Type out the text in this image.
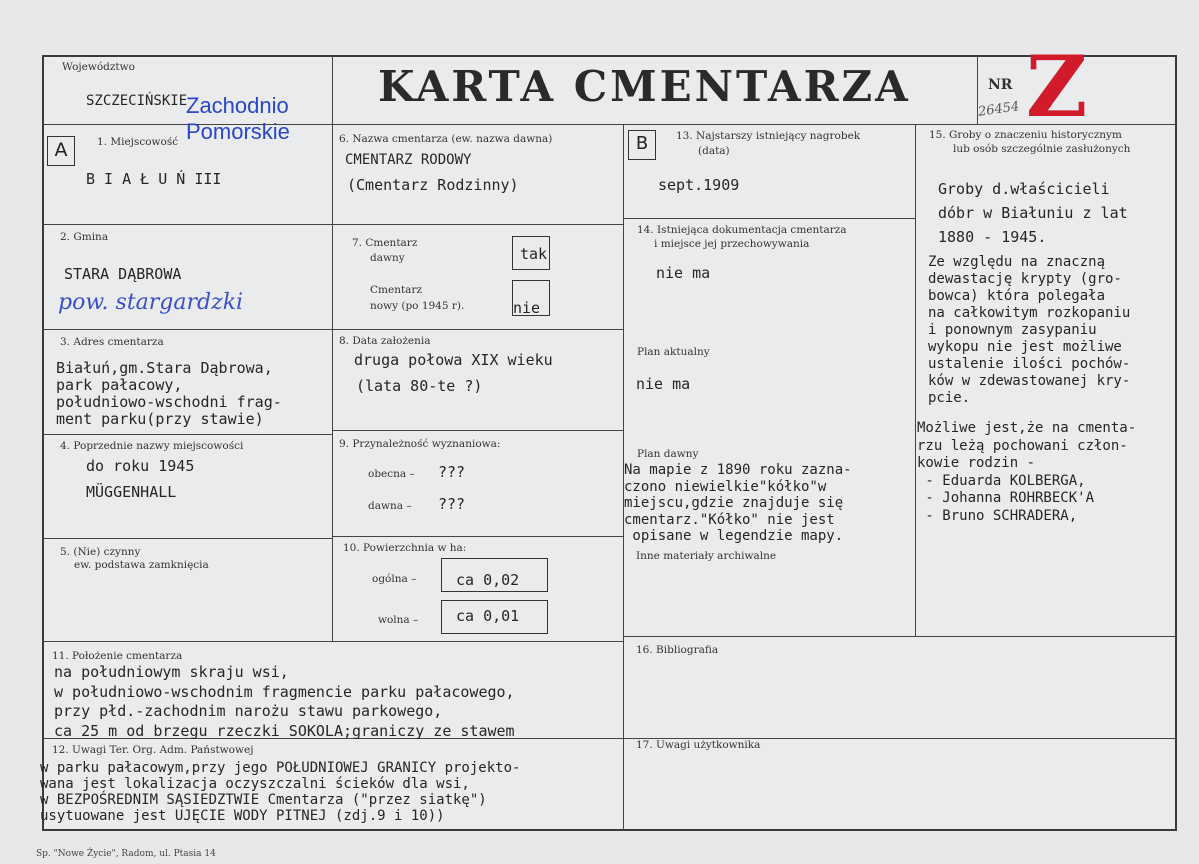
Województwo
SZCZECIŃSKIE
Zachodnio
Pomorskie
KARTA CMENTARZA	NR Z
26454
A	1. Miejscowość
B I A Ł U Ń III
2. Gmina
STARA DĄBROWA
pow. stargardzki
3. Adres cmentarza
Białuń,gm.Stara Dąbrowa,
park pałacowy,
południowo-wschodni frag-
ment parku(przy stawie)
4. Poprzednie nazwy miejscowości
do roku 1945
MÜGGENHALL
5. (Nie) czynny
ew. podstawa zamknięcia
6. Nazwa cmentarza (ew. nazwa dawna)
CMENTARZ RODOWY
(Cmentarz Rodzinny)
7. Cmentarz
dawny	tak
Cmentarz
nowy (po 1945 r).	nie
8. Data założenia
druga połowa XIX wieku
(lata 80-te ?)
9. Przynależność wyznaniowa:
obecna – ???
dawna – ???
10. Powierzchnia w ha:
ogólna –	ca 0,02
wolna –	ca 0,01
B	13. Najstarszy istniejący nagrobek
(data)
sept.1909
14. Istniejąca dokumentacja cmentarza
i miejsce jej przechowywania
nie ma
Plan aktualny
nie ma
Plan dawny
Na mapie z 1890 roku zazna-
czono niewielkie"kółko"w
miejscu,gdzie znajduje się
cmentarz."Kółko" nie jest
opisane w legendzie mapy.
Inne materiały archiwalne
15. Groby o znaczeniu historycznym
lub osób szczególnie zasłużonych
Groby d.właścicieli
dóbr w Białuniu z lat
1880 - 1945.
Ze względu na znaczną
dewastację krypty (gro-
bowca) która polegała
na całkowitym rozkopaniu
i ponownym zasypaniu
wykopu nie jest możliwe
ustalenie ilości pochów-
ków w zdewastowanej kry-
pcie.
Możliwe jest,że na cmenta-
rzu leżą pochowani człon-
kowie rodzin -
- Eduarda KOLBERGA,
- Johanna ROHRBECK'A
- Bruno SCHRADERA,
11. Położenie cmentarza
na południowym skraju wsi,
w południowo-wschodnim fragmencie parku pałacowego,
przy płd.-zachodnim narożu stawu parkowego,
ca 25 m od brzegu rzeczki SOKOLA;graniczy ze stawem
16. Bibliografia
12. Uwagi Ter. Org. Adm. Państwowej
w parku pałacowym,przy jego POŁUDNIOWEJ GRANICY projekto-
wana jest lokalizacja oczyszczalni ścieków dla wsi,
w BEZPOŚREDNIM SĄSIEDZTWIE Cmentarza ("przez siatkę")
usytuowane jest UJĘCIE WODY PITNEJ (zdj.9 i 10))
17. Uwagi użytkownika
Sp. "Nowe Życie", Radom, ul. Ptasia 14
